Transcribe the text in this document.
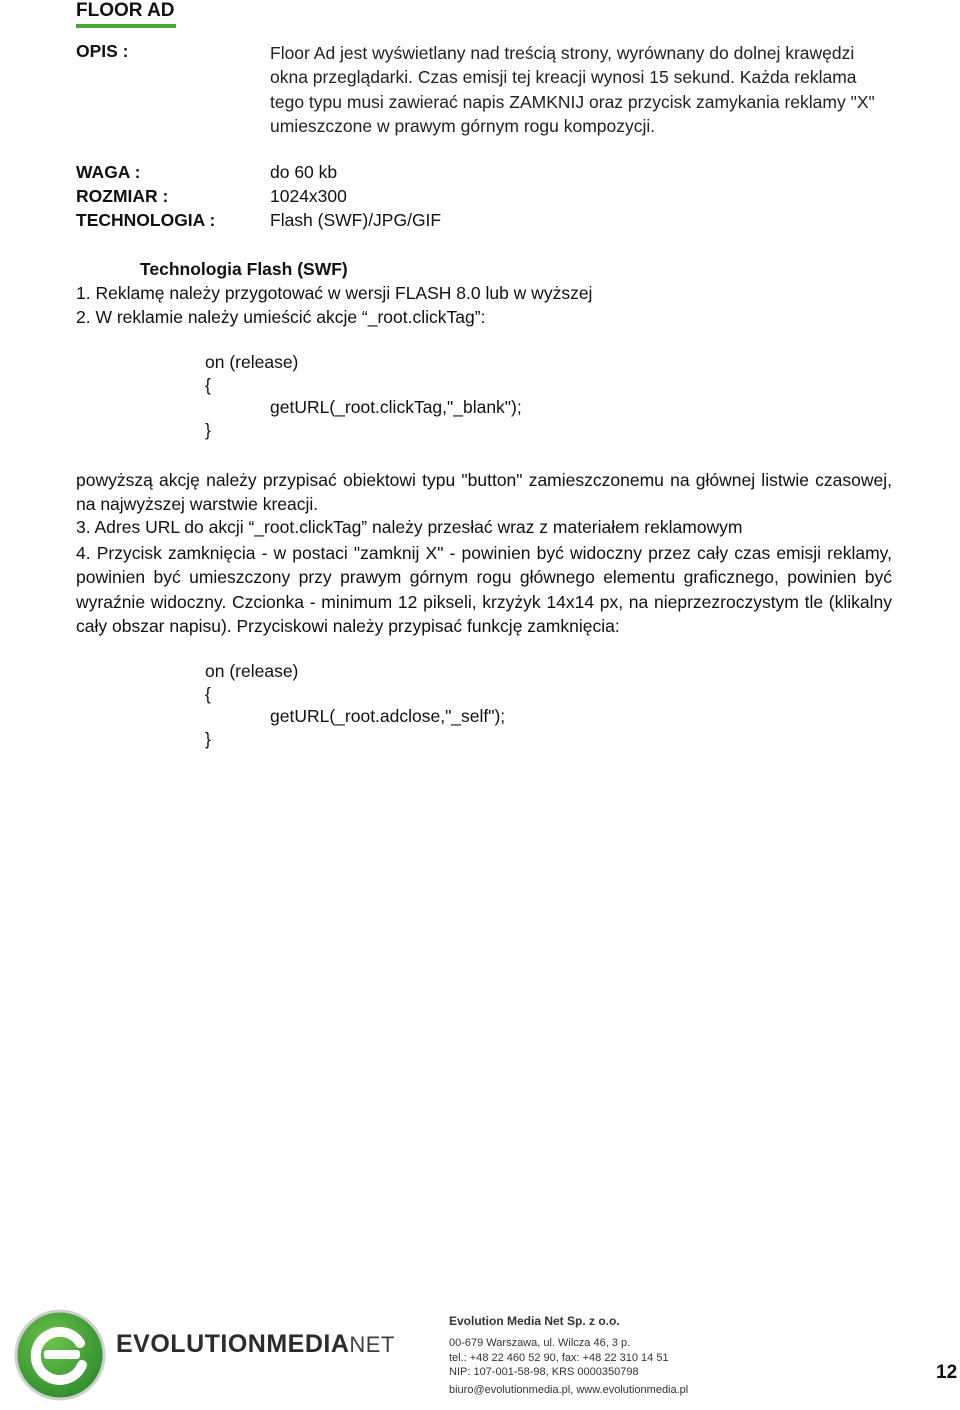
FLOOR AD
OPIS :	Floor Ad jest wyświetlany nad treścią strony, wyrównany do dolnej krawędzi okna przeglądarki. Czas emisji tej kreacji wynosi 15 sekund. Każda reklama tego typu musi zawierać napis ZAMKNIJ oraz przycisk zamykania reklamy "X" umieszczone w prawym górnym rogu kompozycji.
WAGA :	do 60 kb
ROZMIAR :	1024x300
TECHNOLOGIA :	Flash (SWF)/JPG/GIF
Technologia Flash (SWF)
1. Reklamę należy przygotować w wersji FLASH 8.0 lub w wyższej
2. W reklamie należy umieścić akcje “_root.clickTag”:
on (release)
{
getURL(_root.clickTag,"_blank");
}
powyższą akcję należy przypisać obiektowi typu "button" zamieszczonemu na głównej listwie czasowej, na najwyższej warstwie kreacji.
3. Adres URL do akcji “_root.clickTag” należy przesłać wraz z materiałem reklamowym
4. Przycisk zamknięcia - w postaci "zamknij X" - powinien być widoczny przez cały czas emisji reklamy, powinien być umieszczony przy prawym górnym rogu głównego elementu graficznego, powinien być wyraźnie widoczny. Czcionka - minimum 12 pikseli, krzyżyk 14x14 px, na nieprzezroczystym tle (klikalny cały obszar napisu). Przyciskowi należy przypisać funkcję zamknięcia:
on (release)
{
getURL(_root.adclose,"_self");
}
EVOLUTIONMEDIANET
Evolution Media Net Sp. z o.o.
00-679 Warszawa, ul. Wilcza 46, 3 p.
tel.: +48 22 460 52 90, fax: +48 22 310 14 51
NIP: 107-001-58-98, KRS 0000350798
biuro@evolutionmedia.pl, www.evolutionmedia.pl
12
